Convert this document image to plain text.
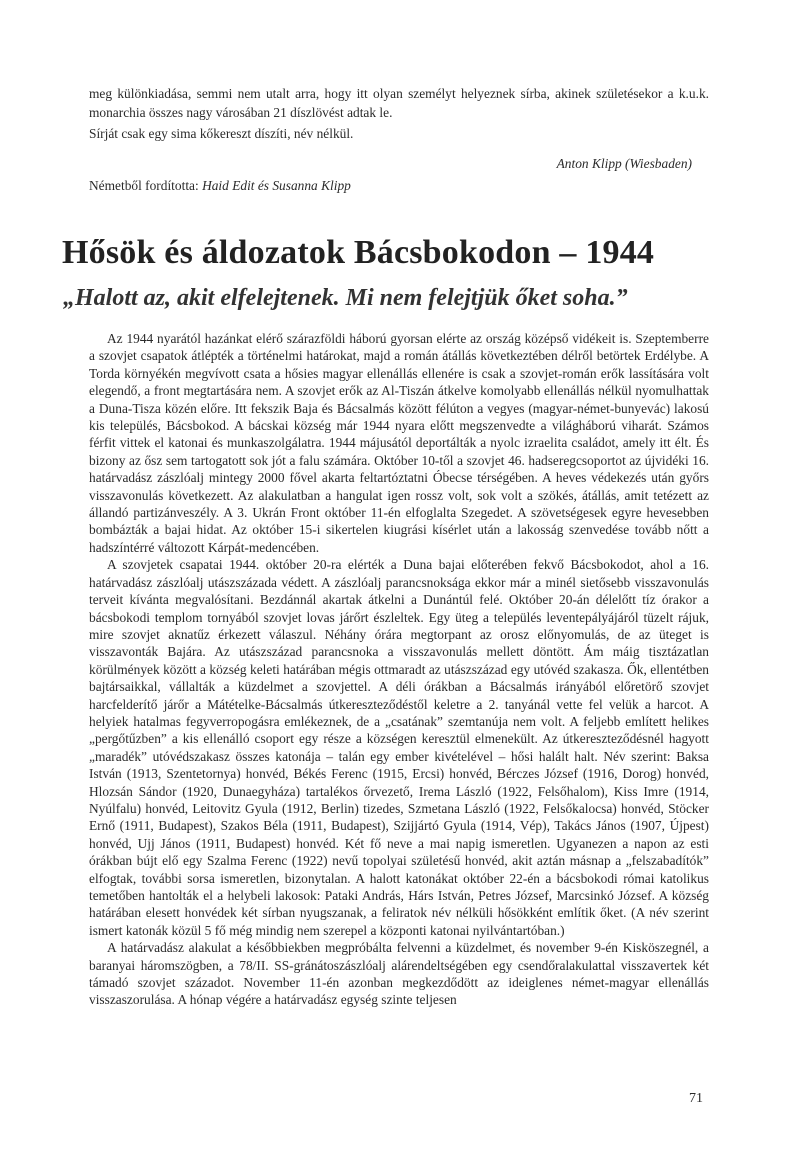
meg különkiadása, semmi nem utalt arra, hogy itt olyan személyt helyeznek sírba, akinek születésekor a k.u.k. monarchia összes nagy városában 21 díszlövést adtak le.

Sírját csak egy sima kőkereszt díszíti, név nélkül.

Anton Klipp (Wiesbaden)

Németből fordította: Haid Edit és Susanna Klipp

Hősök és áldozatok Bácsbokodon – 1944
„Halott az, akit elfelejtenek. Mi nem felejtjük őket soha.”

Az 1944 nyarától hazánkat elérő szárazföldi háború gyorsan elérte az ország középső vidékeit is. Szeptemberre a szovjet csapatok átlépték a történelmi határokat, majd a román átállás következtében délről betörtek Erdélybe. A Torda környékén megvívott csata a hősies magyar ellenállás ellenére is csak a szovjet-román erők lassítására volt elegendő, a front megtartására nem. A szovjet erők az Al-Tiszán átkelve komolyabb ellenállás nélkül nyomulhattak a Duna-Tisza közén előre. Itt fekszik Baja és Bácsalmás között félúton a vegyes (magyar-német-bunyevác) lakosú kis település, Bácsbokod. A bácskai község már 1944 nyara előtt megszenvedte a világháború viharát. Számos férfit vittek el katonai és munkaszolgálatra. 1944 májusától deportálták a nyolc izraelita családot, amely itt élt. És bizony az ősz sem tartogatott sok jót a falu számára. Október 10-től a szovjet 46. hadseregcsoportot az újvidéki 16. határvadász zászlóalj mintegy 2000 fővel akarta feltartóztatni Óbecse térségében. A heves védekezés után győrs visszavonulás következett. Az alakulatban a hangulat igen rossz volt, sok volt a szökés, átállás, amit tetézett az állandó partizánveszély. A 3. Ukrán Front október 11-én elfoglalta Szegedet. A szövetségesek egyre hevesebben bombázták a bajai hidat. Az október 15-i sikertelen kiugrási kísérlet után a lakosság szenvedése tovább nőtt a hadszíntérré változott Kárpát-medencében.

A szovjetek csapatai 1944. október 20-ra elérték a Duna bajai előterében fekvő Bácsbokodot, ahol a 16. határvadász zászlóalj utászszázada védett. A zászlóalj parancsnoksága ekkor már a minél sietősebb visszavonulás terveit kívánta megvalósítani. Bezdánnál akartak átkelni a Dunántúl felé. Október 20-án délelőtt tíz órakor a bácsbokodi templom tornyából szovjet lovas járőrt észleltek. Egy üteg a település leventepályájáról tüzelt rájuk, mire szovjet aknatűz érkezett válaszul. Néhány órára megtorpant az orosz előnyomulás, de az üteget is visszavonták Bajára. Az utászszázad parancsnoka a visszavonulás mellett döntött. Ám máig tisztázatlan körülmények között a község keleti határában mégis ottmaradt az utászszázad egy utóvéd szakasza. Ők, ellentétben bajtársaikkal, vállalták a küzdelmet a szovjettel. A déli órákban a Bácsalmás irányából előretörő szovjet harcfelderítő járőr a Mátételke-Bácsalmás útkereszteződéstől keletre a 2. tanyánál vette fel velük a harcot. A helyiek hatalmas fegyverropogásra emlékeznek, de a „csatának” szemtanúja nem volt. A feljebb említett helikes „pergőtűzben” a kis ellenálló csoport egy része a községen keresztül elmenekült. Az útkereszteződésnél hagyott „maradék” utóvédszakasz összes katonája – talán egy ember kivételével – hősi halált halt. Név szerint: Baksa István (1913, Szentetornya) honvéd, Békés Ferenc (1915, Ercsi) honvéd, Bérczes József (1916, Dorog) honvéd, Hlozsán Sándor (1920, Dunaegyháza) tartalékos őrvezető, Irema László (1922, Felsőhalom), Kiss Imre (1914, Nyúlfalu) honvéd, Leitovitz Gyula (1912, Berlin) tizedes, Szmetana László (1922, Felsőkalocsa) honvéd, Stöcker Ernő (1911, Budapest), Szakos Béla (1911, Budapest), Szijjártó Gyula (1914, Vép), Takács János (1907, Újpest) honvéd, Ujj János (1911, Budapest) honvéd. Két fő neve a mai napig ismeretlen. Ugyanezen a napon az esti órákban bújt elő egy Szalma Ferenc (1922) nevű topolyai születésű honvéd, akit aztán másnap a „felszabadítók” elfogtak, további sorsa ismeretlen, bizonytalan. A halott katonákat október 22-én a bácsbokodi római katolikus temetőben hantolták el a helybeli lakosok: Pataki András, Hárs István, Petres József, Marcsinkó József. A község határában elesett honvédek két sírban nyugszanak, a feliratok név nélküli hősökként említik őket. (A név szerint ismert katonák közül 5 fő még mindig nem szerepel a központi katonai nyilvántartóban.)

A határvadász alakulat a későbbiekben megpróbálta felvenni a küzdelmet, és november 9-én Kisköszegnél, a baranyai háromszögben, a 78/II. SS-gránátoszászlóalj alárendeltségében egy csendőralakulattal visszavertek két támadó szovjet századot. November 11-én azonban megkezdődött az ideiglenes német-magyar ellenállás visszaszorulása. A hónap végére a határvadász egység szinte teljesen

71
